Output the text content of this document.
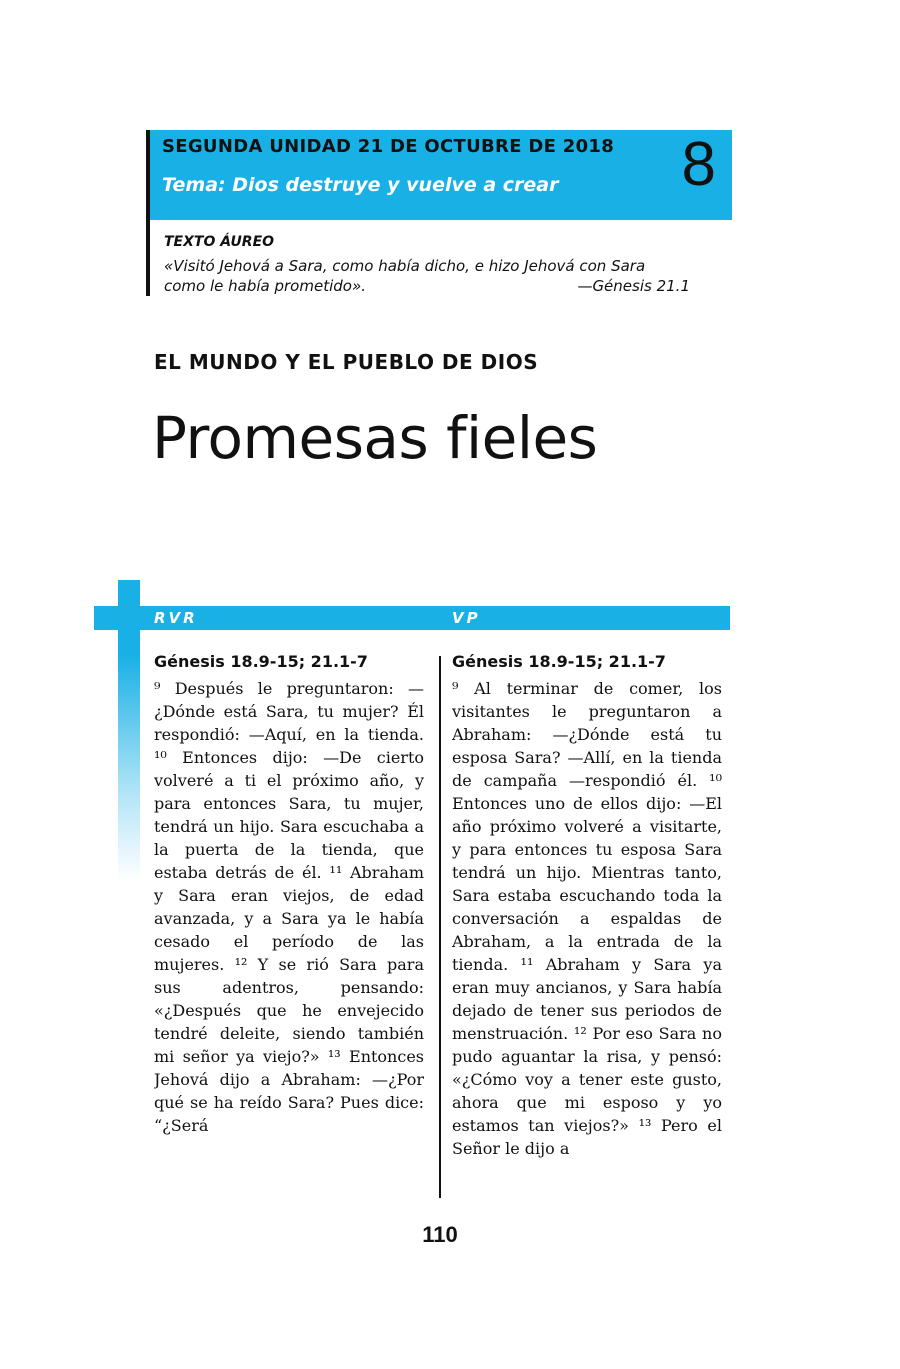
SEGUNDA UNIDAD 21 DE OCTUBRE DE 2018
Tema: Dios destruye y vuelve a crear 8
TEXTO ÁUREO
«Visitó Jehová a Sara, como había dicho, e hizo Jehová con Sara
como le había prometido».	—Génesis 21.1
EL MUNDO Y EL PUEBLO DE DIOS
Promesas fieles
RVR	VP
Génesis 18.9-15; 21.1-7

⁹ Después le preguntaron: —¿Dónde está Sara, tu mujer? Él respondió: —Aquí, en la tienda. ¹⁰ Entonces dijo: —De cierto volveré a ti el próximo año, y para entonces Sara, tu mujer, tendrá un hijo. Sara escuchaba a la puerta de la tienda, que estaba detrás de él. ¹¹ Abraham y Sara eran viejos, de edad avanzada, y a Sara ya le había cesado el período de las mujeres. ¹² Y se rió Sara para sus adentros, pensando: «¿Después que he envejecido tendré deleite, siendo también mi señor ya viejo?» ¹³ Entonces Jehová dijo a Abraham: —¿Por qué se ha reído Sara? Pues dice: “¿Será

Génesis 18.9-15; 21.1-7

⁹ Al terminar de comer, los visitantes le preguntaron a Abraham: —¿Dónde está tu esposa Sara? —Allí, en la tienda de campaña —respondió él. ¹⁰ Entonces uno de ellos dijo: —El año próximo volveré a visitarte, y para entonces tu esposa Sara tendrá un hijo. Mientras tanto, Sara estaba escuchando toda la conversación a espaldas de Abraham, a la entrada de la tienda. ¹¹ Abraham y Sara ya eran muy ancianos, y Sara había dejado de tener sus periodos de menstruación. ¹² Por eso Sara no pudo aguantar la risa, y pensó: «¿Cómo voy a tener este gusto, ahora que mi esposo y yo estamos tan viejos?» ¹³ Pero el Señor le dijo a

110
